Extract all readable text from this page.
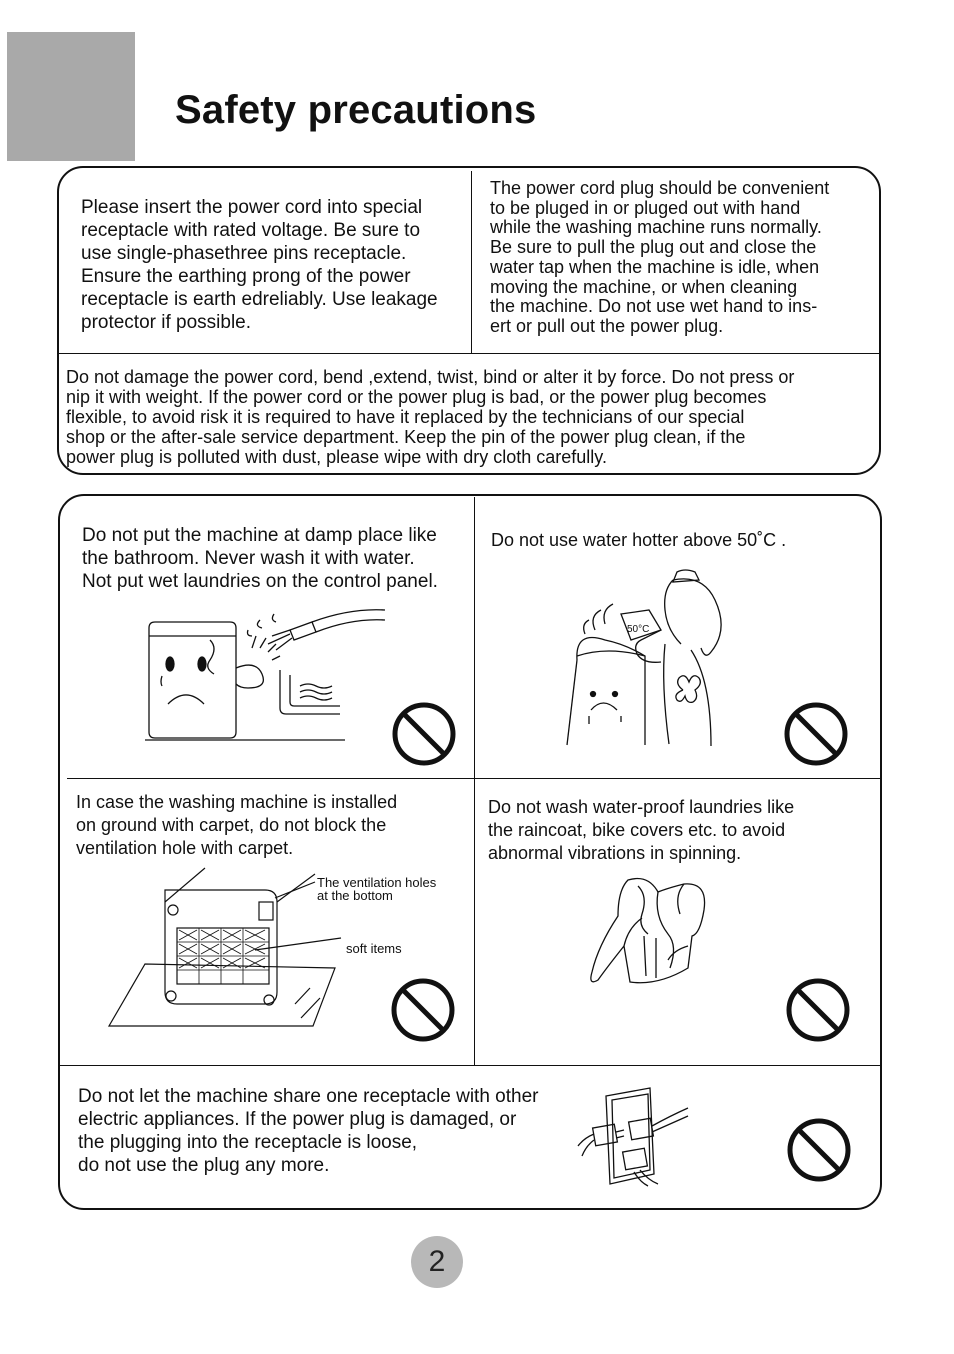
Safety precautions
Please insert the power cord into special
receptacle with rated voltage. Be sure to
use single-phasethree pins receptacle.
Ensure the earthing prong of the power
receptacle is earth edreliably. Use leakage
protector if possible.
The power cord plug should be convenient
to be pluged in or pluged out with hand
while the washing machine runs normally.
Be sure to pull the plug out and close the
water tap when the machine is idle, when
moving the machine, or when cleaning
the machine. Do not use wet hand to ins-
ert or pull out the power plug.
Do not damage the power cord, bend ,extend, twist, bind or alter it by force. Do not press or
nip it with weight. If the power cord or the power plug is bad, or the power plug becomes
flexible, to avoid risk it is required to have it replaced by the technicians of our special
shop or the after-sale service department. Keep the pin of the power plug clean, if the
power plug is polluted with dust, please wipe with dry cloth carefully.
Do not put the machine at damp place like
the bathroom. Never wash it with water.
Not put wet laundries on the control panel.
Do not use water hotter above 50˚C .
In case the washing machine is installed
on ground with carpet, do not block the
ventilation hole with carpet.
Do not wash water-proof laundries like
the raincoat, bike covers etc. to avoid
abnormal vibrations in spinning.
Do not let the machine share one receptacle with other
electric appliances. If the power plug is damaged, or
the plugging into the receptacle is loose,
do not use the plug any more.
50°C
The ventilation holes
at the bottom
soft items
2
